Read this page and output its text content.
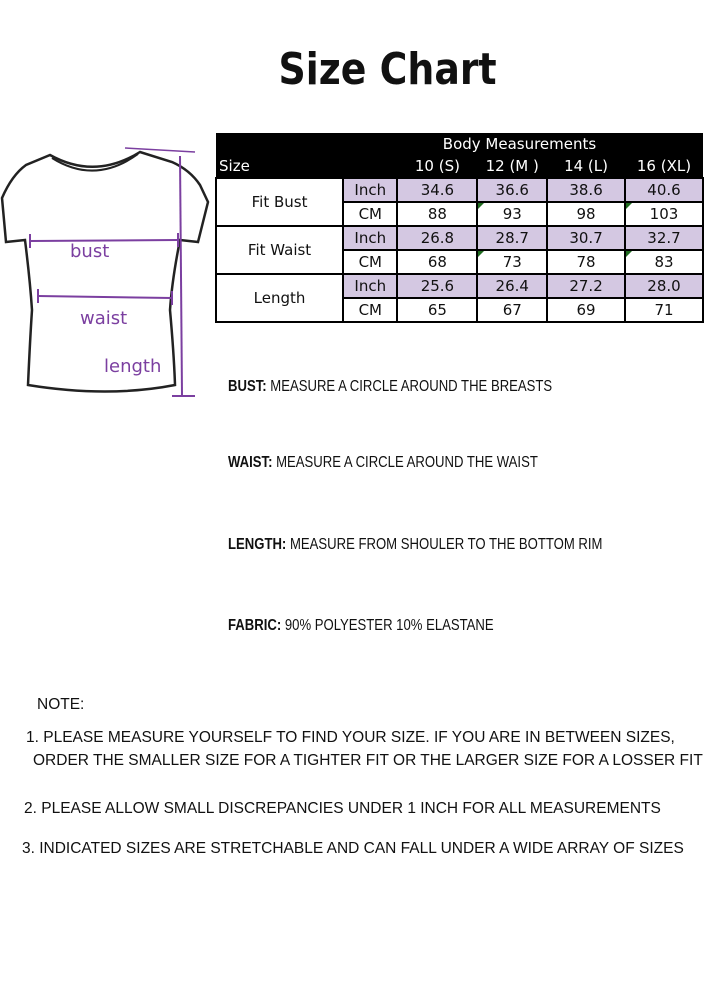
Size Chart
bust
waist
length
Body Measurements					
Size		10 (S)	12 (M )	14 (L)	16 (XL)
Fit Bust	Inch	34.6	36.6	38.6	40.6
	CM	88	93	98	103
Fit Waist	Inch	26.8	28.7	30.7	32.7
	CM	68	73	78	83
Length	Inch	25.6	26.4	27.2	28.0
	CM	65	67	69	71
BUST: MEASURE A CIRCLE AROUND THE BREASTS
WAIST: MEASURE A CIRCLE AROUND THE WAIST
LENGTH: MEASURE FROM SHOULER TO THE BOTTOM RIM
FABRIC: 90% POLYESTER 10% ELASTANE
NOTE:
1. PLEASE MEASURE YOURSELF TO FIND YOUR SIZE. IF YOU ARE IN BETWEEN SIZES,
ORDER THE SMALLER SIZE FOR A TIGHTER FIT OR THE LARGER SIZE FOR A LOSSER FIT
2. PLEASE ALLOW SMALL DISCREPANCIES UNDER 1 INCH FOR ALL MEASUREMENTS
3. INDICATED SIZES ARE STRETCHABLE AND CAN FALL UNDER A WIDE ARRAY OF SIZES
